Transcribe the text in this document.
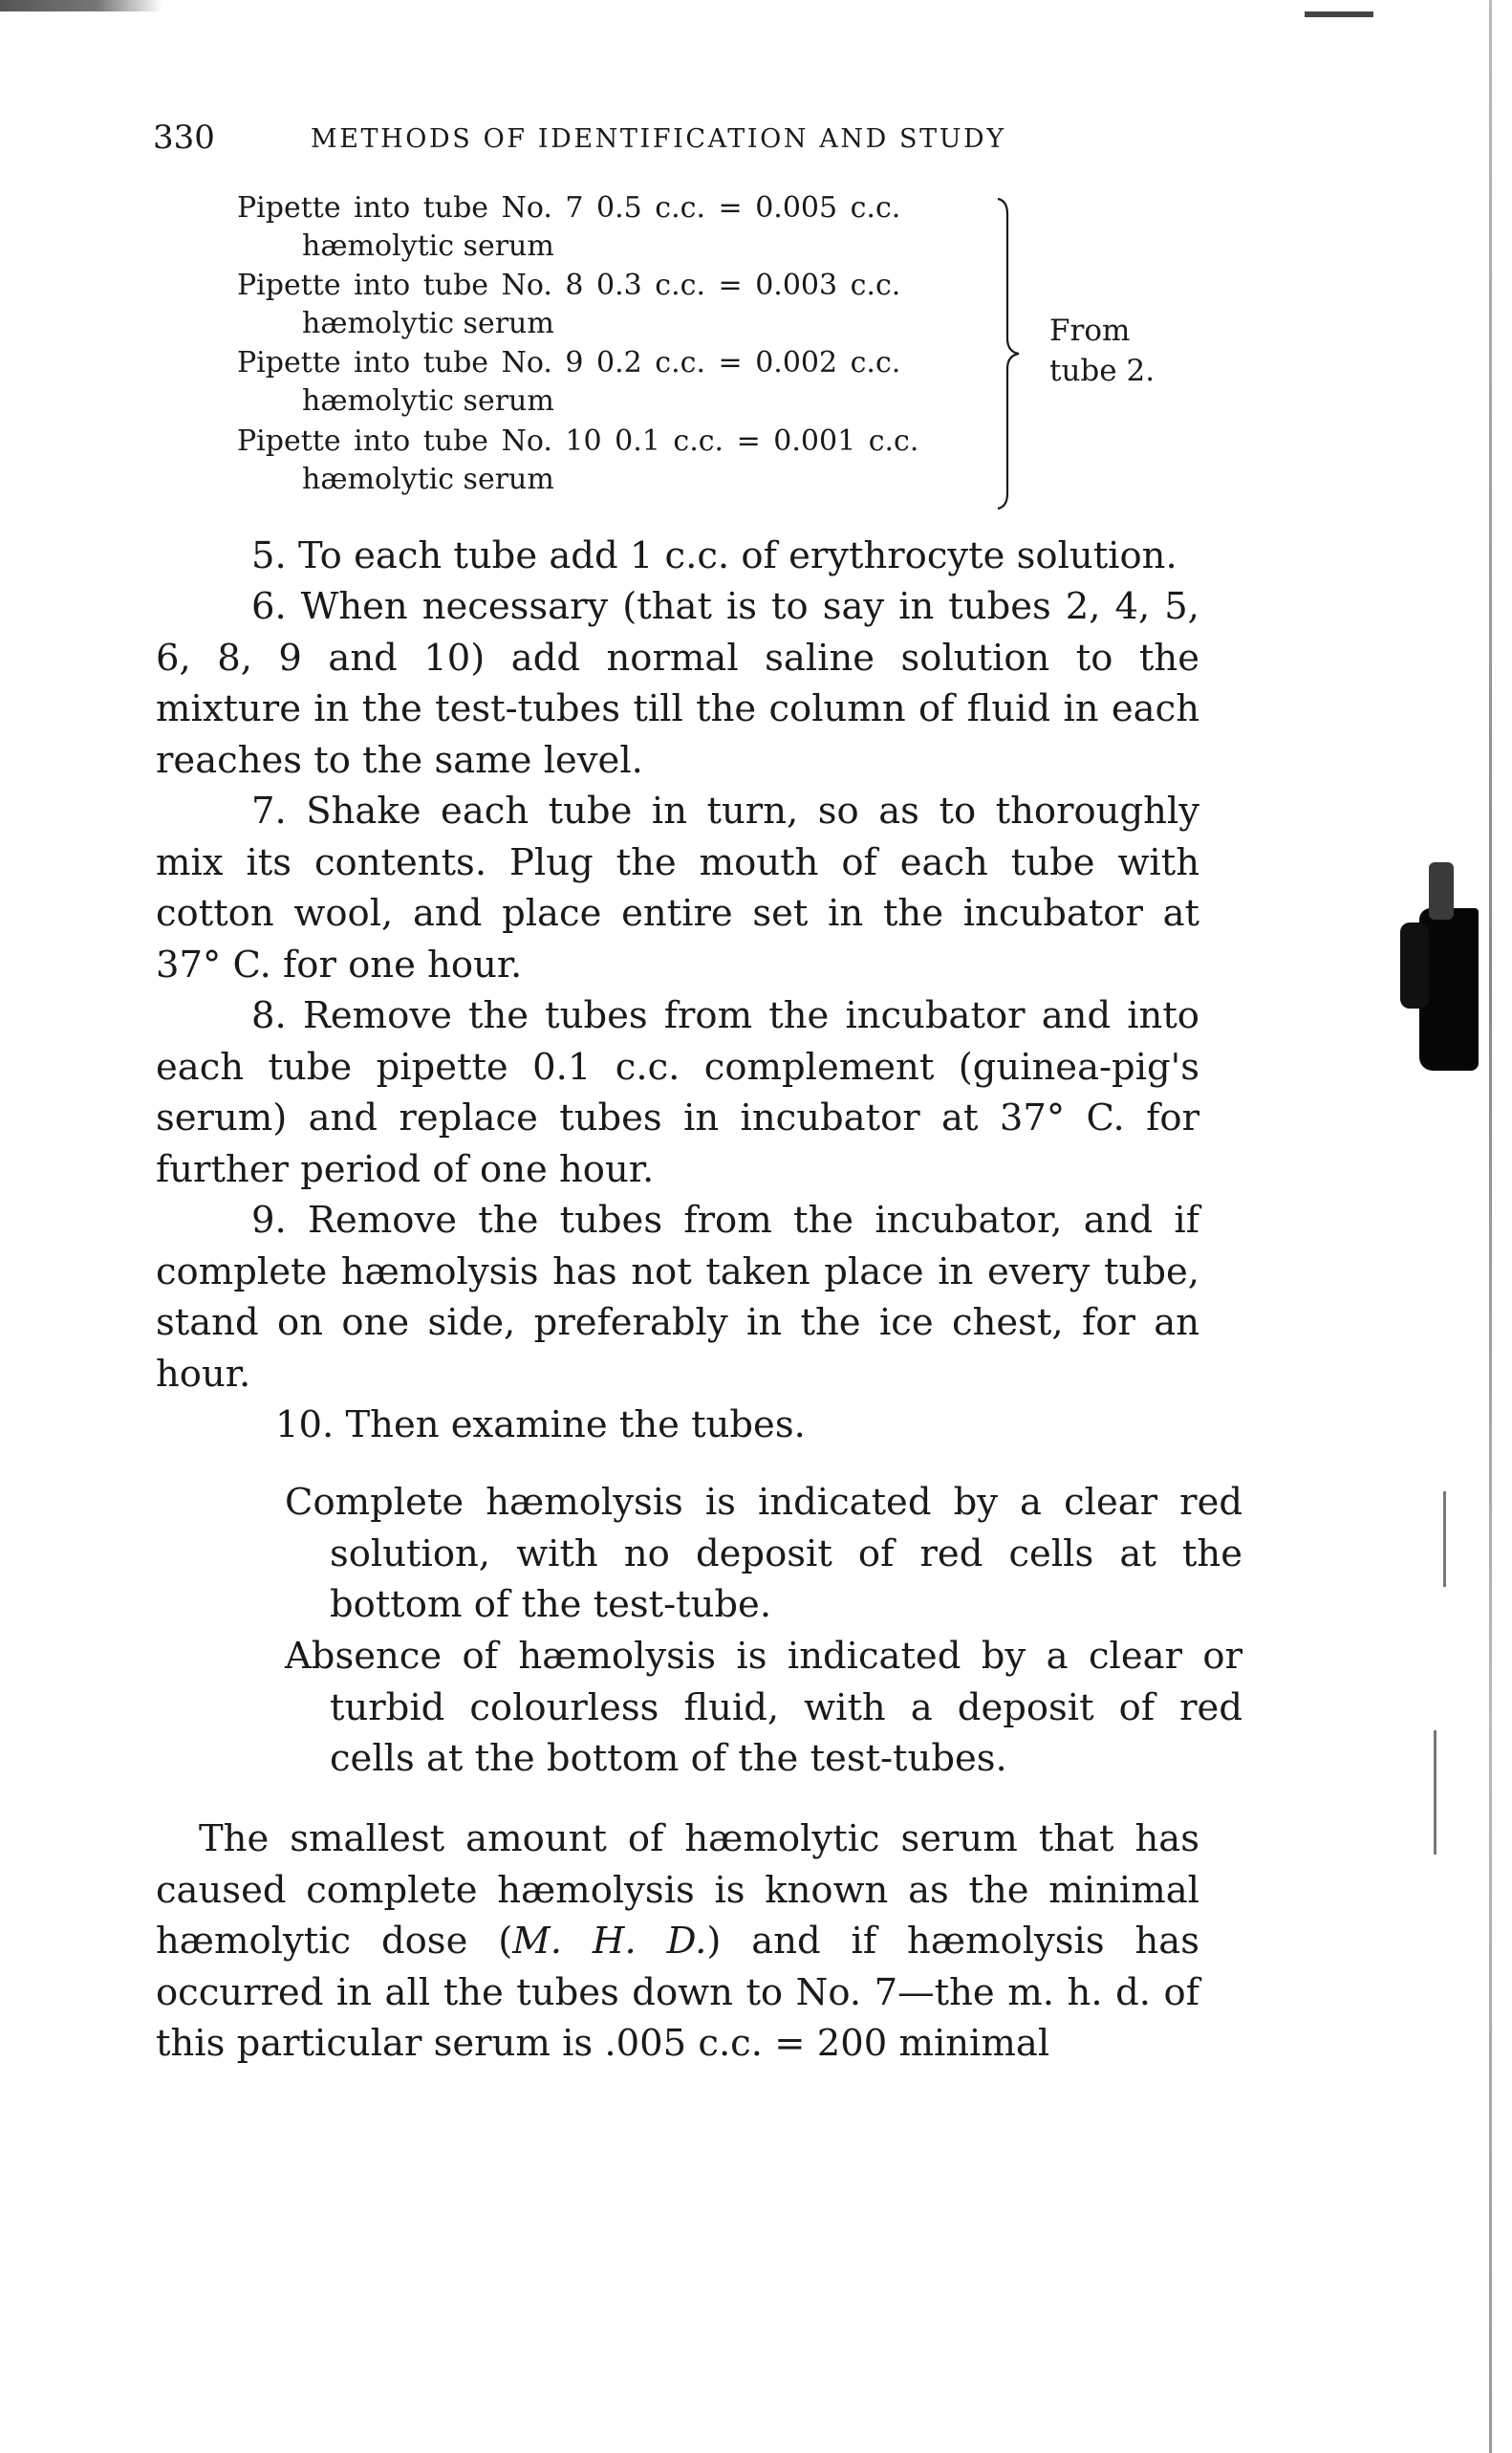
330	METHODS OF IDENTIFICATION AND STUDY
Pipette into tube No. 7 0.5 c.c. = 0.005 c.c.
hæmolytic serum
Pipette into tube No. 8 0.3 c.c. = 0.003 c.c.
hæmolytic serum
Pipette into tube No. 9 0.2 c.c. = 0.002 c.c.
hæmolytic serum
Pipette into tube No. 10 0.1 c.c. = 0.001 c.c.
hæmolytic serum
From
tube 2.

5. To each tube add 1 c.c. of erythrocyte solution.

6. When necessary (that is to say in tubes 2, 4, 5, 6, 8, 9 and 10) add normal saline solution to the mixture in the test-tubes till the column of fluid in each reaches to the same level.

7. Shake each tube in turn, so as to thoroughly mix its contents. Plug the mouth of each tube with cotton wool, and place entire set in the incubator at 37° C. for one hour.

8. Remove the tubes from the incubator and into each tube pipette 0.1 c.c. complement (guinea-pig's serum) and replace tubes in incubator at 37° C. for further period of one hour.

9. Remove the tubes from the incubator, and if complete hæmolysis has not taken place in every tube, stand on one side, preferably in the ice chest, for an hour.

10. Then examine the tubes.

Complete hæmolysis is indicated by a clear red solution, with no deposit of red cells at the bottom of the test-tube.

Absence of hæmolysis is indicated by a clear or turbid colourless fluid, with a deposit of red cells at the bottom of the test-tubes.

The smallest amount of hæmolytic serum that has caused complete hæmolysis is known as the minimal hæmolytic dose (M. H. D.) and if hæmolysis has occurred in all the tubes down to No. 7—the m. h. d. of this particular serum is .005 c.c. = 200 minimal
